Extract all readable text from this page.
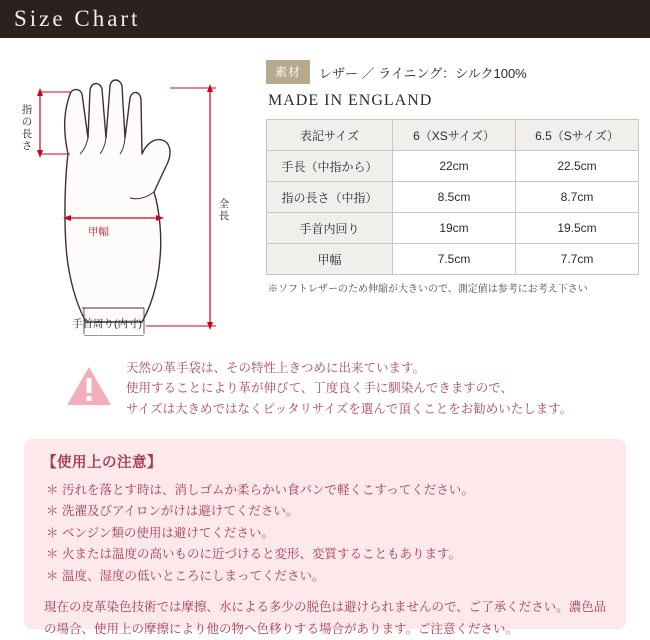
Size Chart
指の長さ
全長
甲幅
手首周り(内寸)
素材	レザー ／ ライニング：シルク100%
MADE IN ENGLAND
表記サイズ	6（XSサイズ）	6.5（Sサイズ）
手長（中指から）	22cm	22.5cm
指の長さ（中指）	8.5cm	8.7cm
手首内回り	19cm	19.5cm
甲幅	7.5cm	7.7cm
※ソフトレザーのため伸縮が大きいので、測定値は参考にお考え下さい
天然の革手袋は、その特性上きつめに出来ています。
使用することにより革が伸びて、丁度良く手に馴染んできますので、
サイズは大きめではなくピッタリサイズを選んで頂くことをお勧めいたします。
【使用上の注意】
＊ 汚れを落とす時は、消しゴムか柔らかい食パンで軽くこすってください。
＊ 洗濯及びアイロンがけは避けてください。
＊ ベンジン類の使用は避けてください。
＊ 火または温度の高いものに近づけると変形、変質することもあります。
＊ 温度、湿度の低いところにしまってください。
現在の皮革染色技術では摩擦、水による多少の脱色は避けられませんので、ご了承ください。濃色品の場合、使用上の摩擦により他の物へ色移りする場合があります。ご注意ください。
